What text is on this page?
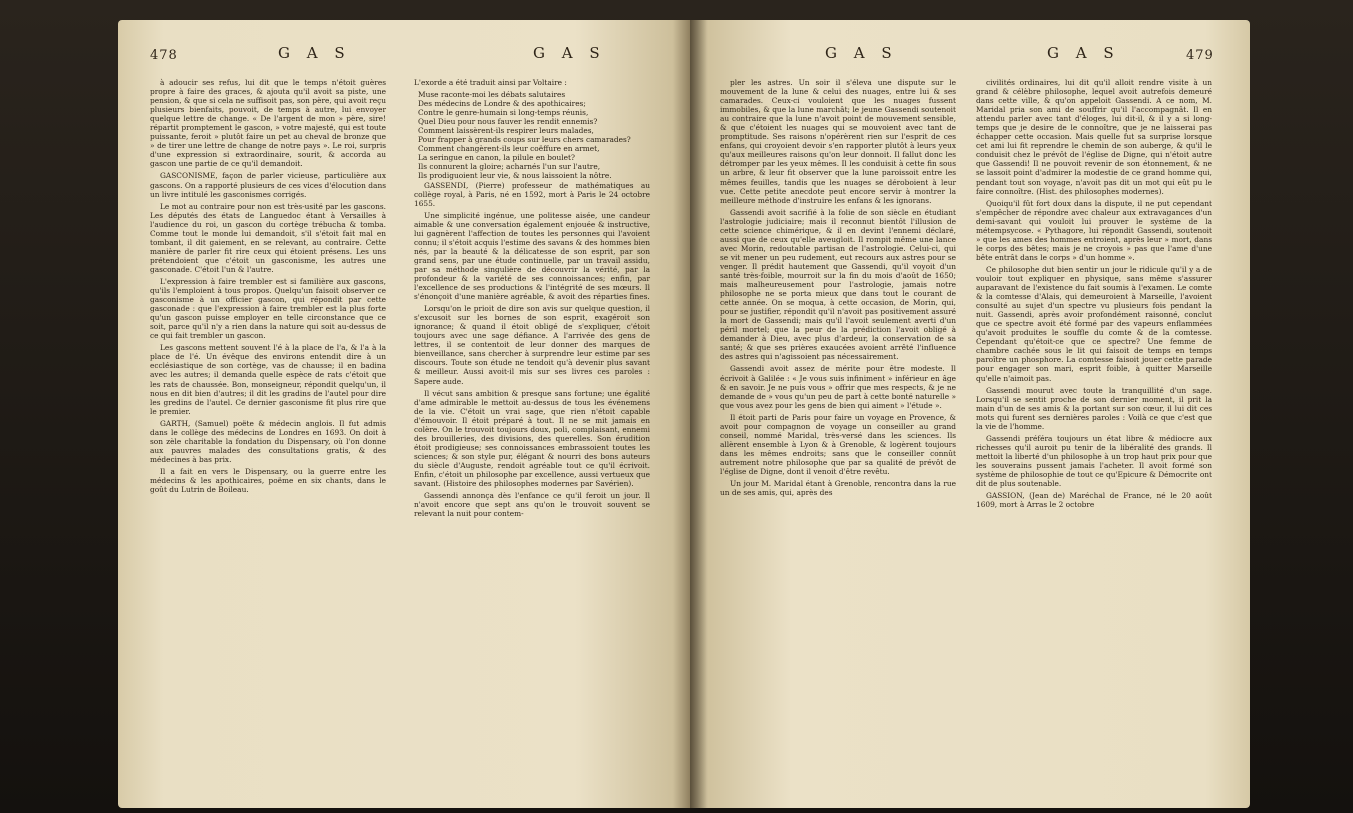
478	G A S	G A S

à adoucir ses refus, lui dit que le temps n'étoit guères propre à faire des graces, & ajouta qu'il avoit sa piste, une pension, & que si cela ne suffisoit pas, son père, qui avoit reçu plusieurs bienfaits, pouvoit, de temps à autre, lui envoyer quelque lettre de change. « De l'argent de mon » père, sire! répartit promptement le gascon, » votre majesté, qui est toute puissante, feroit » plutôt faire un pet au cheval de bronze que » de tirer une lettre de change de notre pays ». Le roi, surpris d'une expression si extraordinaire, sourit, & accorda au gascon une partie de ce qu'il demandoit.

GASCONISME, façon de parler vicieuse, particulière aux gascons. On a rapporté plusieurs de ces vices d'élocution dans un livre intitulé les gasconismes corrigés.

Le mot au contraire pour non est très-usité par les gascons. Les députés des états de Languedoc étant à Versailles à l'audience du roi, un gascon du cortège trébucha & tomba. Comme tout le monde lui demandoit, s'il s'étoit fait mal en tombant, il dit gaiement, en se relevant, au contraire. Cette manière de parler fit rire ceux qui étoient présens. Les uns prétendoient que c'étoit un gasconisme, les autres une gasconade. C'étoit l'un & l'autre.

L'expression à faire trembler est si familière aux gascons, qu'ils l'emploient à tous propos. Quelqu'un faisoit observer ce gasconisme à un officier gascon, qui répondit par cette gasconade : que l'expression à faire trembler est la plus forte qu'un gascon puisse employer en telle circonstance que ce soit, parce qu'il n'y a rien dans la nature qui soit au-dessus de ce qui fait trembler un gascon.

Les gascons mettent souvent l'é à la place de l'a, & l'a à la place de l'é. Un évêque des environs entendit dire à un ecclésiastique de son cortège, vas de chausse; il en badina avec les autres; il demanda quelle espèce de rats c'étoit que les rats de chaussée. Bon, monseigneur, répondit quelqu'un, il nous en dit bien d'autres; il dit les gradins de l'autel pour dire les gredins de l'autel. Ce dernier gasconisme fit plus rire que le premier.

GARTH, (Samuel) poëte & médecin anglois. Il fut admis dans le collège des médecins de Londres en 1693. On doit à son zèle charitable la fondation du Dispensary, où l'on donne aux pauvres malades des consultations gratis, & des médecines à bas prix.

Il a fait en vers le Dispensary, ou la guerre entre les médecins & les apothicaires, poëme en six chants, dans le goût du Lutrin de Boileau.

L'exorde a été traduit ainsi par Voltaire :

Muse raconte-moi les débats salutaires

Des médecins de Londre & des apothicaires;

Contre le genre-humain si long-temps réunis,

Quel Dieu pour nous fauver les rendit ennemis?

Comment laissèrent-ils respirer leurs malades,

Pour frapper à grands coups sur leurs chers camarades?

Comment changèrent-ils leur coëffure en armet,

La seringue en canon, la pilule en boulet?

Ils connurent la gloire; acharnés l'un sur l'autre,

Ils prodiguoient leur vie, & nous laissoient la nôtre.

GASSENDI, (Pierre) professeur de mathématiques au collège royal, à Paris, né en 1592, mort à Paris le 24 octobre 1655.

Une simplicité ingénue, une politesse aisée, une candeur aimable & une conversation également enjouée & instructive, lui gagnèrent l'affection de toutes les personnes qui l'avoient connu; il s'étoit acquis l'estime des savans & des hommes bien nés, par la beauté & la délicatesse de son esprit, par son grand sens, par une étude continuelle, par un travail assidu, par sa méthode singulière de découvrir la vérité, par la profondeur & la variété de ses connoissances; enfin, par l'excellence de ses productions & l'intégrité de ses mœurs. Il s'énonçoit d'une manière agréable, & avoit des réparties fines.

Lorsqu'on le prioit de dire son avis sur quelque question, il s'excusoit sur les bornes de son esprit, exagéroit son ignorance; & quand il étoit obligé de s'expliquer, c'étoit toujours avec une sage défiance. A l'arrivée des gens de lettres, il se contentoit de leur donner des marques de bienveillance, sans chercher à surprendre leur estime par ses discours. Toute son étude ne tendoit qu'à devenir plus savant & meilleur. Aussi avoit-il mis sur ses livres ces paroles : Sapere aude.

Il vécut sans ambition & presque sans fortune; une égalité d'ame admirable le mettoit au-dessus de tous les événemens de la vie. C'étoit un vrai sage, que rien n'étoit capable d'émouvoir. Il étoit préparé à tout. Il ne se mit jamais en colère. On le trouvoit toujours doux, poli, complaisant, ennemi des brouilleries, des divisions, des querelles. Son érudition étoit prodigieuse; ses connoissances embrassoient toutes les sciences; & son style pur, élégant & nourri des bons auteurs du siècle d'Auguste, rendoit agréable tout ce qu'il écrivoit. Enfin, c'étoit un philosophe par excellence, aussi vertueux que savant. (Histoire des philosophes modernes par Savérien).

Gassendi annonça dès l'enfance ce qu'il feroit un jour. Il n'avoit encore que sept ans qu'on le trouvoit souvent se relevant la nuit pour contem-

G A S	G A S	479

pler les astres. Un soir il s'éleva une dispute sur le mouvement de la lune & celui des nuages, entre lui & ses camarades. Ceux-ci vouloient que les nuages fussent immobiles, & que la lune marchât; le jeune Gassendi soutenoit au contraire que la lune n'avoit point de mouvement sensible, & que c'étoient les nuages qui se mouvoient avec tant de promptitude. Ses raisons n'opérèrent rien sur l'esprit de ces enfans, qui croyoient devoir s'en rapporter plutôt à leurs yeux qu'aux meilleures raisons qu'on leur donnoit. Il fallut donc les détromper par les yeux mêmes. Il les conduisit à cette fin sous un arbre, & leur fit observer que la lune paroissoit entre les mêmes feuilles, tandis que les nuages se déroboient à leur vue. Cette petite anecdote peut encore servir à montrer la meilleure méthode d'instruire les enfans & les ignorans.

Gassendi avoit sacrifié à la folie de son siècle en étudiant l'astrologie judiciaire; mais il reconnut bientôt l'illusion de cette science chimérique, & il en devint l'ennemi déclaré, aussi que de ceux qu'elle aveugloit. Il rompit même une lance avec Morin, redoutable partisan de l'astrologie. Celui-ci, qui se vit mener un peu rudement, eut recours aux astres pour se venger. Il prédit hautement que Gassendi, qu'il voyoit d'un santé très-foible, mourroit sur la fin du mois d'août de 1650; mais malheureusement pour l'astrologie, jamais notre philosophe ne se porta mieux que dans tout le courant de cette année. On se moqua, à cette occasion, de Morin, qui, pour se justifier, répondit qu'il n'avoit pas positivement assuré la mort de Gassendi; mais qu'il l'avoit seulement averti d'un péril mortel; que la peur de la prédiction l'avoit obligé à demander à Dieu, avec plus d'ardeur, la conservation de sa santé; & que ses prières exaucées avoient arrêté l'influence des astres qui n'agissoient pas nécessairement.

Gassendi avoit assez de mérite pour être modeste. Il écrivoit à Galilée : « Je vous suis infiniment » inférieur en âge & en savoir. Je ne puis vous » offrir que mes respects, & je ne demande de » vous qu'un peu de part à cette bonté naturelle » que vous avez pour les gens de bien qui aiment » l'étude ».

Il étoit parti de Paris pour faire un voyage en Provence, & avoit pour compagnon de voyage un conseiller au grand conseil, nommé Maridal, très-versé dans les sciences. Ils allèrent ensemble à Lyon & à Grenoble, & logèrent toujours dans les mêmes endroits; sans que le conseiller connût autrement notre philosophe que par sa qualité de prévôt de l'église de Digne, dont il venoit d'être revêtu.

Un jour M. Maridal étant à Grenoble, rencontra dans la rue un de ses amis, qui, après des

civilités ordinaires, lui dit qu'il alloit rendre visite à un grand & célèbre philosophe, lequel avoit autrefois demeuré dans cette ville, & qu'on appeloit Gassendi. A ce nom, M. Maridal pria son ami de souffrir qu'il l'accompagnât. Il en attendu parler avec tant d'éloges, lui dit-il, & il y a si long-temps que je desire de le connoître, que je ne laisserai pas échapper cette occasion. Mais quelle fut sa surprise lorsque cet ami lui fit reprendre le chemin de son auberge, & qu'il le conduisit chez le prévôt de l'église de Digne, qui n'étoit autre que Gassendi! Il ne pouvoit revenir de son étonnement, & ne se lassoit point d'admirer la modestie de ce grand homme qui, pendant tout son voyage, n'avoit pas dit un mot qui eût pu le faire connoître. (Hist. des philosophes modernes).

Quoiqu'il fût fort doux dans la dispute, il ne put cependant s'empêcher de répondre avec chaleur aux extravagances d'un demi-savant qui vouloit lui prouver le système de la métempsycose. « Pythagore, lui répondit Gassendi, soutenoit » que les ames des hommes entroient, après leur » mort, dans le corps des bêtes; mais je ne croyois » pas que l'ame d'une bête entrât dans le corps » d'un homme ».

Ce philosophe dut bien sentir un jour le ridicule qu'il y a de vouloir tout expliquer en physique, sans même s'assurer auparavant de l'existence du fait soumis à l'examen. Le comte & la comtesse d'Alais, qui demeuroient à Marseille, l'avoient consulté au sujet d'un spectre vu plusieurs fois pendant la nuit. Gassendi, après avoir profondément raisonné, conclut que ce spectre avoit été formé par des vapeurs enflammées qu'avoit produites le souffle du comte & de la comtesse. Cependant qu'étoit-ce que ce spectre? Une femme de chambre cachée sous le lit qui faisoit de temps en temps paroître un phosphore. La comtesse faisoit jouer cette parade pour engager son mari, esprit foible, à quitter Marseille qu'elle n'aimoit pas.

Gassendi mourut avec toute la tranquillité d'un sage. Lorsqu'il se sentit proche de son dernier moment, il prit la main d'un de ses amis & la portant sur son cœur, il lui dit ces mots qui furent ses dernières paroles : Voilà ce que c'est que la vie de l'homme.

Gassendi préféra toujours un état libre & médiocre aux richesses qu'il auroit pu tenir de la libéralité des grands. Il mettoit la liberté d'un philosophe à un trop haut prix pour que les souverains pussent jamais l'acheter. Il avoit formé son système de philosophie de tout ce qu'Epicure & Démocrite ont dit de plus soutenable.

GASSION, (Jean de) Maréchal de France, né le 20 août 1609, mort à Arras le 2 octobre
